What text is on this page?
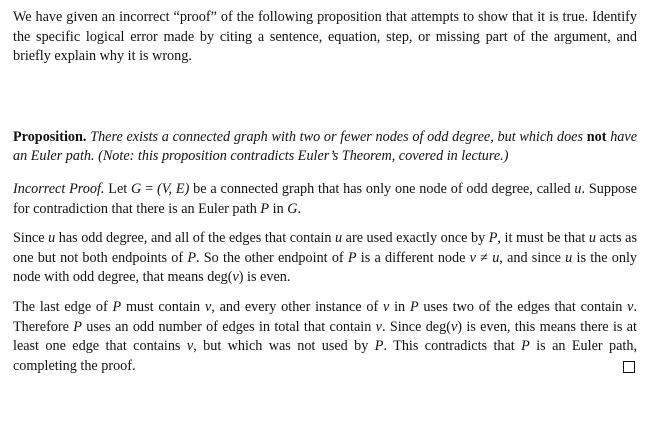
We have given an incorrect “proof” of the following proposition that attempts to show that it is true. Identify the specific logical error made by citing a sentence, equation, step, or missing part of the argument, and briefly explain why it is wrong.

Proposition. There exists a connected graph with two or fewer nodes of odd degree, but which does not have an Euler path. (Note: this proposition contradicts Euler’s Theorem, covered in lecture.)

Incorrect Proof. Let G = (V, E) be a connected graph that has only one node of odd degree, called u. Suppose for contradiction that there is an Euler path P in G.

Since u has odd degree, and all of the edges that contain u are used exactly once by P, it must be that u acts as one but not both endpoints of P. So the other endpoint of P is a different node v ≠ u, and since u is the only node with odd degree, that means deg(v) is even.

The last edge of P must contain v, and every other instance of v in P uses two of the edges that contain v. Therefore P uses an odd number of edges in total that contain v. Since deg(v) is even, this means there is at least one edge that contains v, but which was not used by P. This contradicts that P is an Euler path, completing the proof.
